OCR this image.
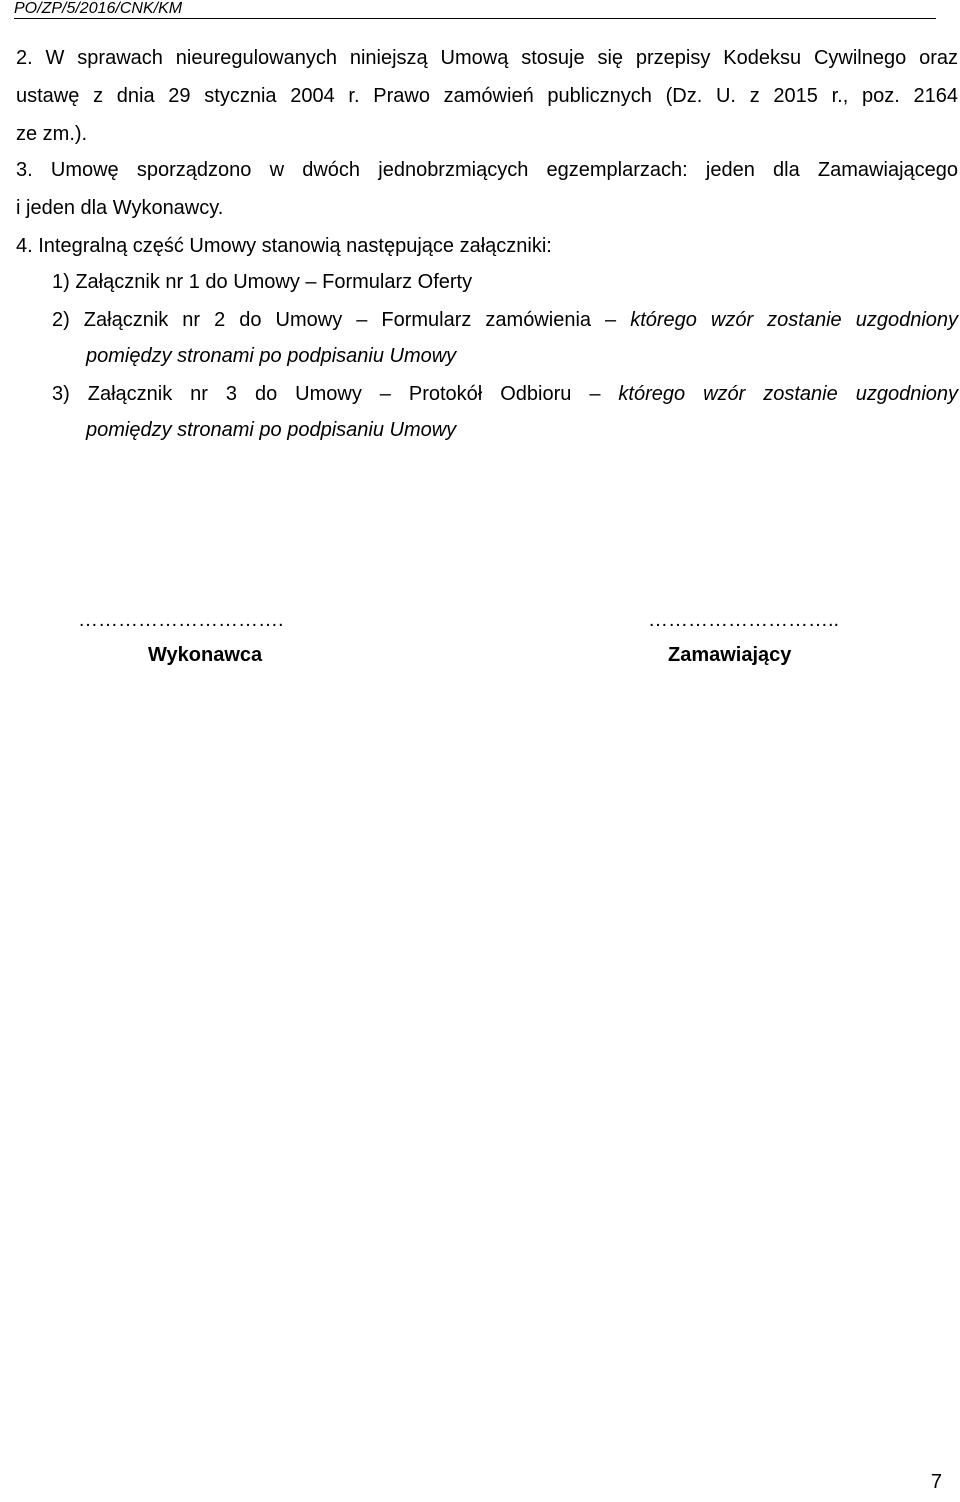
PO/ZP/5/2016/CNK/KM
2. W sprawach nieuregulowanych niniejszą Umową stosuje się przepisy Kodeksu Cywilnego oraz
ustawę z dnia 29 stycznia 2004 r. Prawo zamówień publicznych (Dz. U. z 2015 r., poz. 2164
ze zm.).
3. Umowę sporządzono w dwóch jednobrzmiących egzemplarzach: jeden dla Zamawiającego
i jeden dla Wykonawcy.
4. Integralną część Umowy stanowią następujące załączniki:
1) Załącznik nr 1 do Umowy – Formularz Oferty
2) Załącznik nr 2 do Umowy – Formularz zamówienia – którego wzór zostanie uzgodniony
pomiędzy stronami po podpisaniu Umowy
3) Załącznik nr 3 do Umowy – Protokół Odbioru – którego wzór zostanie uzgodniony
pomiędzy stronami po podpisaniu Umowy
………………………….	………………………..
Wykonawca	Zamawiający
7
